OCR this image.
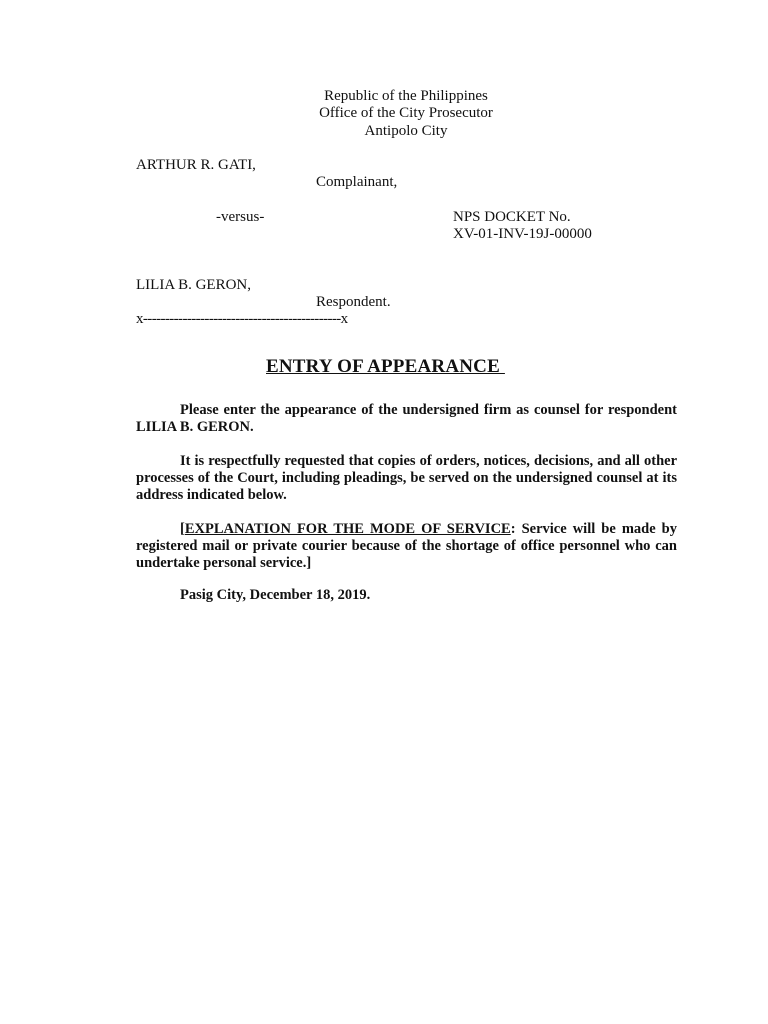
Republic of the Philippines
Office of the City Prosecutor
Antipolo City
ARTHUR R. GATI,
Complainant,
-versus-	NPS DOCKET No.
XV-01-INV-19J-00000
LILIA B. GERON,
Respondent.
x---------------------------------------------x
ENTRY OF APPEARANCE
Please enter the appearance of the undersigned firm as counsel for respondent LILIA B. GERON.
It is respectfully requested that copies of orders, notices, decisions, and all other processes of the Court, including pleadings, be served on the undersigned counsel at its address indicated below.
[EXPLANATION FOR THE MODE OF SERVICE: Service will be made by registered mail or private courier because of the shortage of office personnel who can undertake personal service.]
Pasig City, December 18, 2019.
